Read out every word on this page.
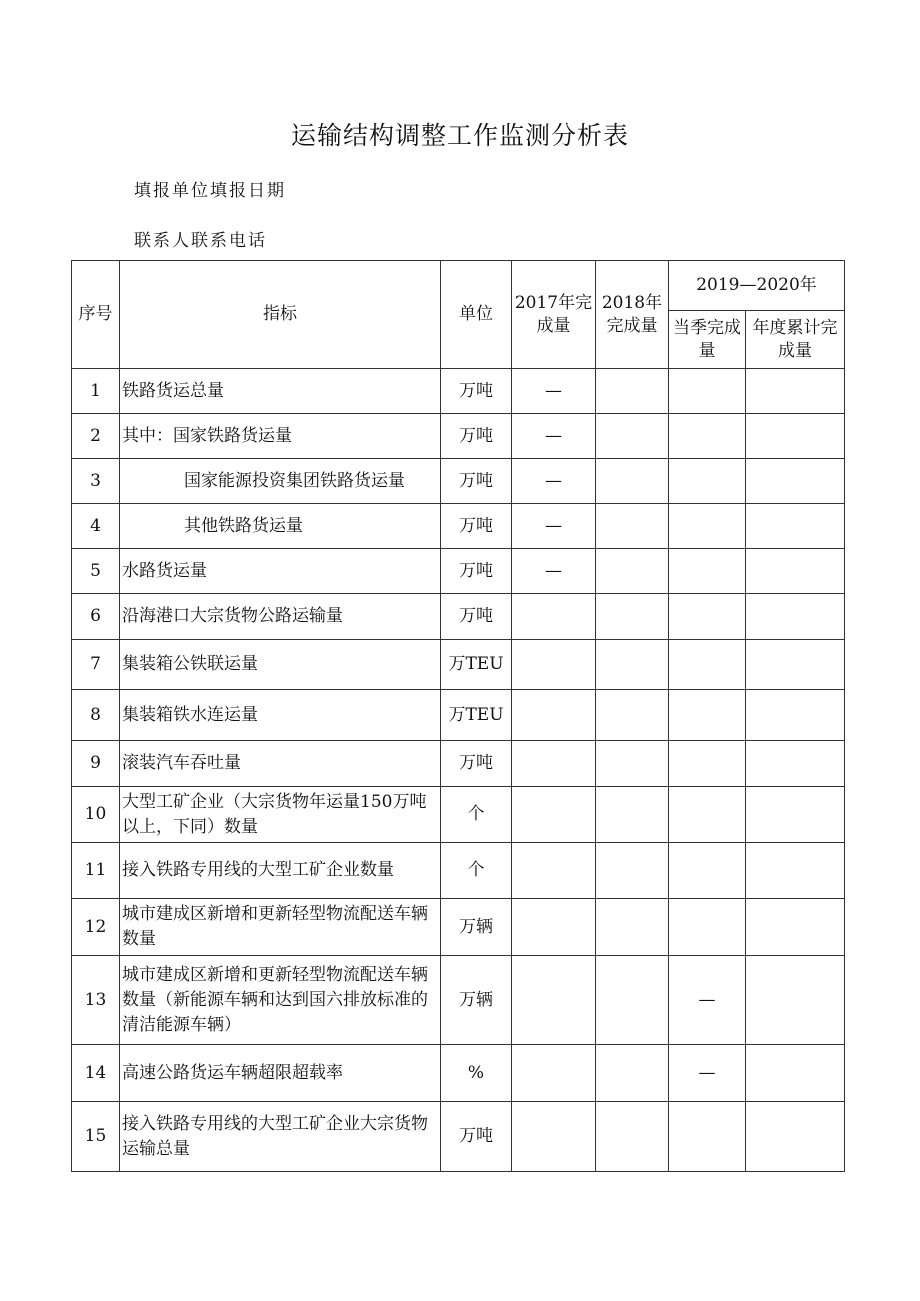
运输结构调整工作监测分析表
填报单位填报日期
联系人联系电话
序号	指标	单位	2017年完成量	2018年完成量	2019—2020年	
					当季完成量	年度累计完成量
1	铁路货运总量	万吨	—			
2	其中：国家铁路货运量	万吨	—			
3	国家能源投资集团铁路货运量	万吨	—			
4	其他铁路货运量	万吨	—			
5	水路货运量	万吨	—			
6	沿海港口大宗货物公路运输量	万吨				
7	集装箱公铁联运量	万TEU				
8	集装箱铁水连运量	万TEU				
9	滚装汽车吞吐量	万吨				
10	大型工矿企业（大宗货物年运量150万吨以上，下同）数量	个				
11	接入铁路专用线的大型工矿企业数量	个				
12	城市建成区新增和更新轻型物流配送车辆数量	万辆				
13	城市建成区新增和更新轻型物流配送车辆数量（新能源车辆和达到国六排放标准的清洁能源车辆）	万辆			—	
14	高速公路货运车辆超限超载率	%			—	
15	接入铁路专用线的大型工矿企业大宗货物运输总量	万吨				
